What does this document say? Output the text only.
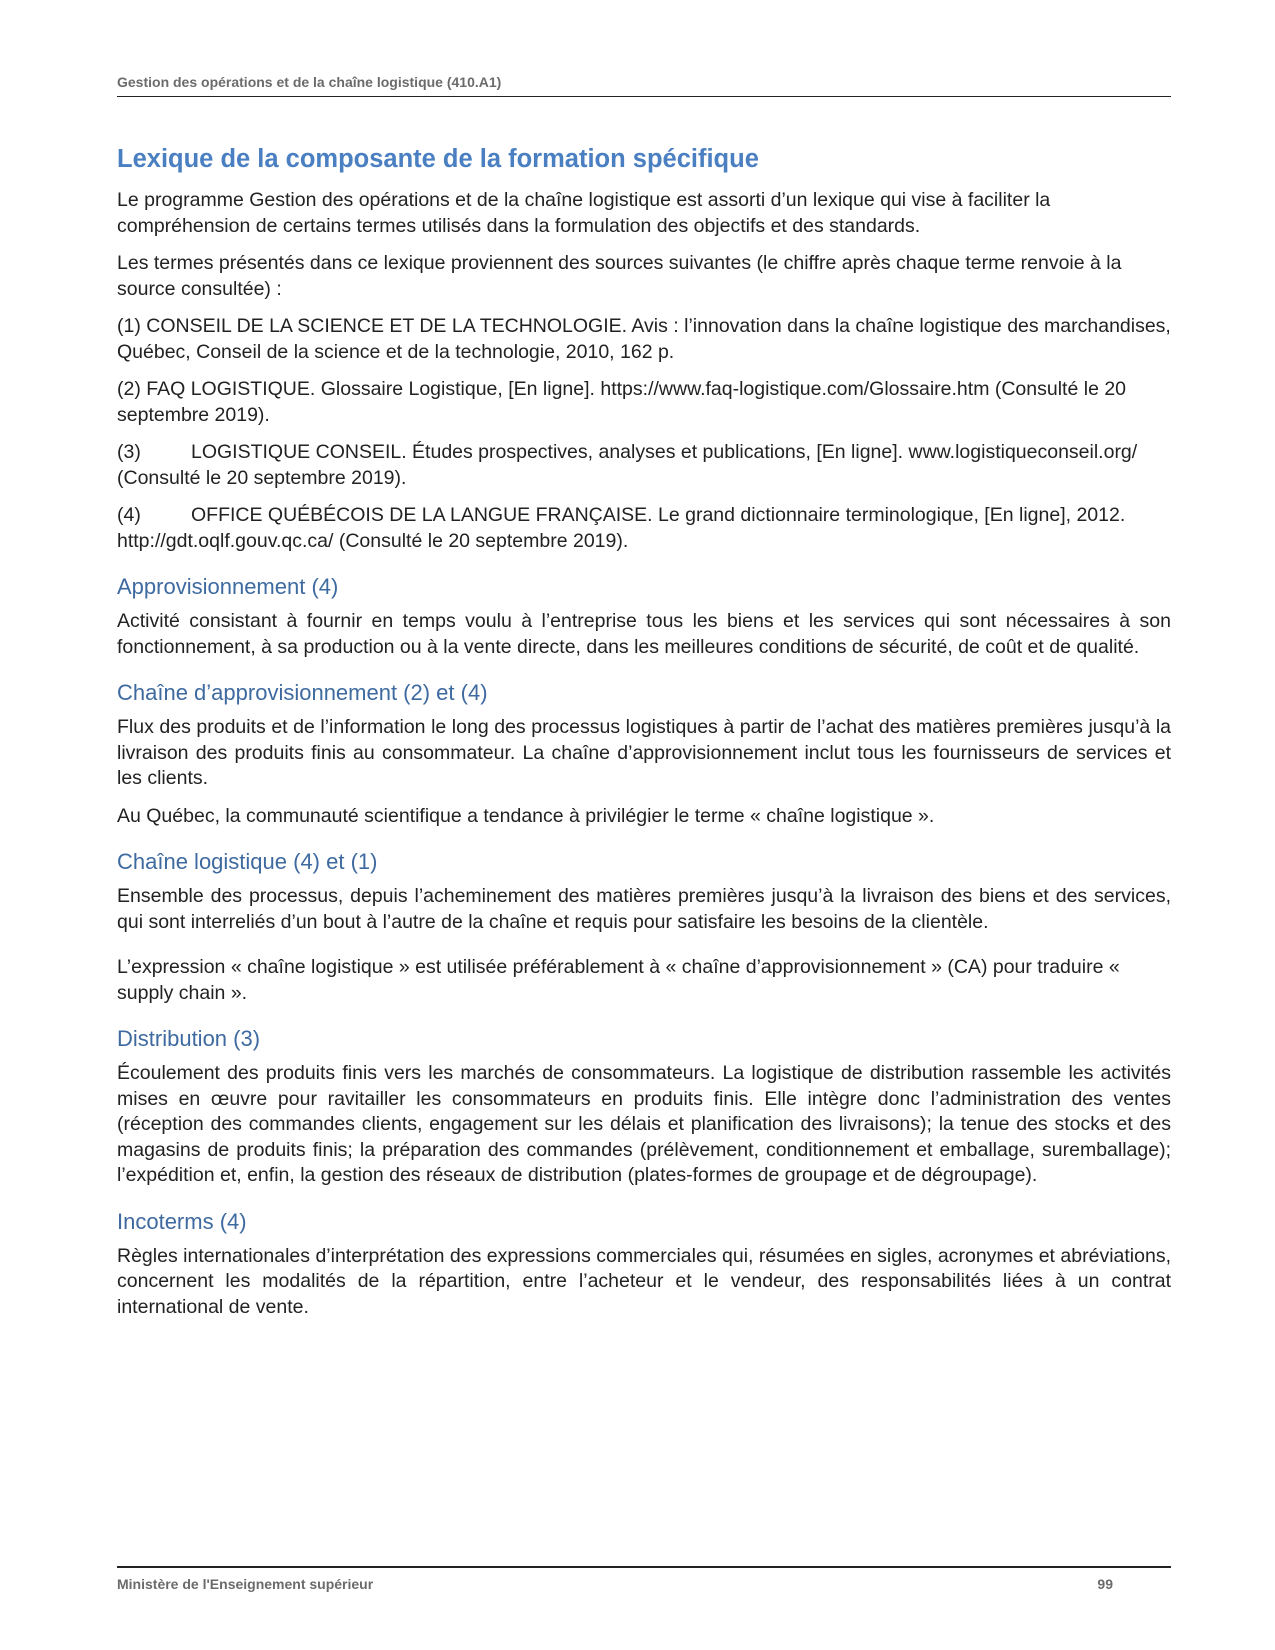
Gestion des opérations et de la chaîne logistique (410.A1)
Lexique de la composante de la formation spécifique

Le programme Gestion des opérations et de la chaîne logistique est assorti d’un lexique qui vise à faciliter la compréhension de certains termes utilisés dans la formulation des objectifs et des standards.

Les termes présentés dans ce lexique proviennent des sources suivantes (le chiffre après chaque terme renvoie à la source consultée) :

(1) CONSEIL DE LA SCIENCE ET DE LA TECHNOLOGIE. Avis : l’innovation dans la chaîne logistique des marchandises, Québec, Conseil de la science et de la technologie, 2010, 162 p.

(2) FAQ LOGISTIQUE. Glossaire Logistique, [En ligne]. https://www.faq-logistique.com/Glossaire.htm (Consulté le 20 septembre 2019).

(3)	LOGISTIQUE CONSEIL. Études prospectives, analyses et publications, [En ligne]. www.logistiqueconseil.org/ (Consulté le 20 septembre 2019).

(4)	OFFICE QUÉBÉCOIS DE LA LANGUE FRANÇAISE. Le grand dictionnaire terminologique, [En ligne], 2012. http://gdt.oqlf.gouv.qc.ca/ (Consulté le 20 septembre 2019).

Approvisionnement (4)

Activité consistant à fournir en temps voulu à l’entreprise tous les biens et les services qui sont nécessaires à son fonctionnement, à sa production ou à la vente directe, dans les meilleures conditions de sécurité, de coût et de qualité.

Chaîne d’approvisionnement (2) et (4)

Flux des produits et de l’information le long des processus logistiques à partir de l’achat des matières premières jusqu’à la livraison des produits finis au consommateur. La chaîne d’approvisionnement inclut tous les fournisseurs de services et les clients.

Au Québec, la communauté scientifique a tendance à privilégier le terme « chaîne logistique ».

Chaîne logistique (4) et (1)

Ensemble des processus, depuis l’acheminement des matières premières jusqu’à la livraison des biens et des services, qui sont interreliés d’un bout à l’autre de la chaîne et requis pour satisfaire les besoins de la clientèle.

L’expression « chaîne logistique » est utilisée préférablement à « chaîne d’approvisionnement » (CA) pour traduire « supply chain ».

Distribution (3)

Écoulement des produits finis vers les marchés de consommateurs. La logistique de distribution rassemble les activités mises en œuvre pour ravitailler les consommateurs en produits finis. Elle intègre donc l’administration des ventes (réception des commandes clients, engagement sur les délais et planification des livraisons); la tenue des stocks et des magasins de produits finis; la préparation des commandes (prélèvement, conditionnement et emballage, suremballage); l’expédition et, enfin, la gestion des réseaux de distribution (plates-formes de groupage et de dégroupage).

Incoterms (4)

Règles internationales d’interprétation des expressions commerciales qui, résumées en sigles, acronymes et abréviations, concernent les modalités de la répartition, entre l’acheteur et le vendeur, des responsabilités liées à un contrat international de vente.

Ministère de l'Enseignement supérieur	99
